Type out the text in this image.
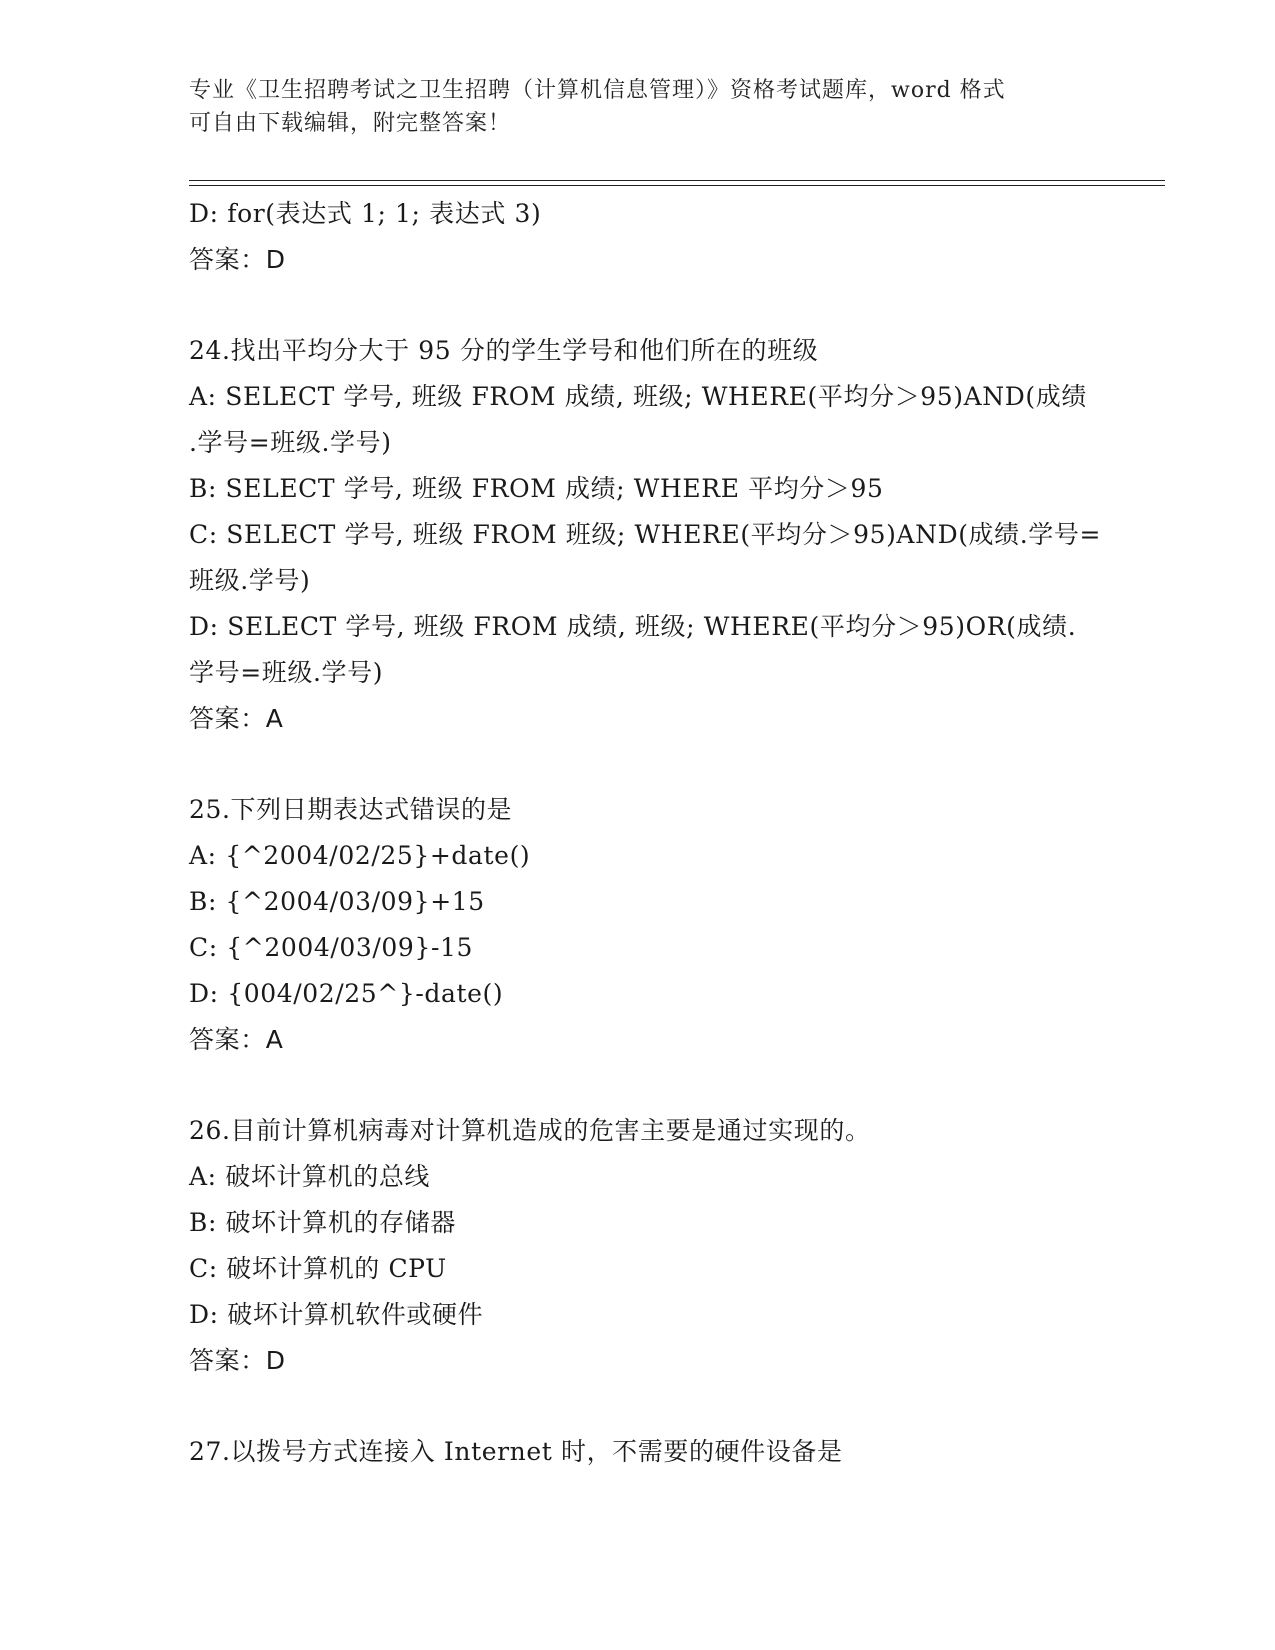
专业《卫生招聘考试之卫生招聘（计算机信息管理）》资格考试题库，word 格式
可自由下载编辑，附完整答案！
D: for(表达式 1; 1; 表达式 3)
答案：D
24.找出平均分大于 95 分的学生学号和他们所在的班级
A: SELECT 学号, 班级 FROM 成绩, 班级; WHERE(平均分＞95)AND(成绩
.学号=班级.学号)
B: SELECT 学号, 班级 FROM 成绩; WHERE 平均分＞95
C: SELECT 学号, 班级 FROM 班级; WHERE(平均分＞95)AND(成绩.学号=
班级.学号)
D: SELECT 学号, 班级 FROM 成绩, 班级; WHERE(平均分＞95)OR(成绩.
学号=班级.学号)
答案：A
25.下列日期表达式错误的是
A: {^2004/02/25}+date()
B: {^2004/03/09}+15
C: {^2004/03/09}-15
D: {004/02/25^}-date()
答案：A
26.目前计算机病毒对计算机造成的危害主要是通过实现的。
A: 破坏计算机的总线
B: 破坏计算机的存储器
C: 破坏计算机的 CPU
D: 破坏计算机软件或硬件
答案：D
27.以拨号方式连接入 Internet 时，不需要的硬件设备是
